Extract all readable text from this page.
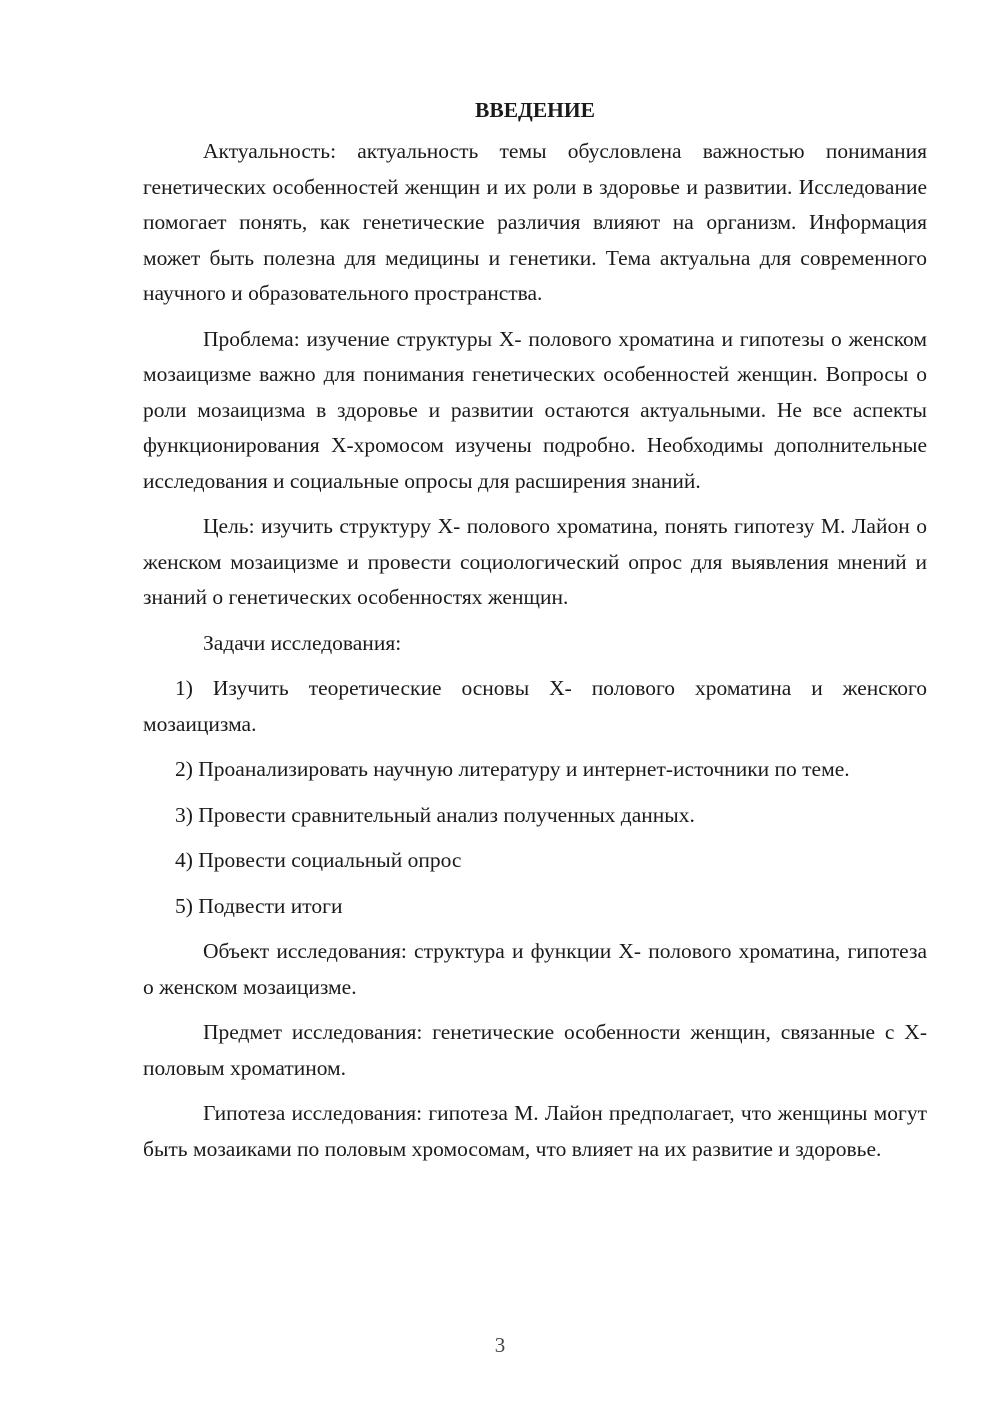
ВВЕДЕНИЕ

Актуальность: актуальность темы обусловлена важностью понимания генетических особенностей женщин и их роли в здоровье и развитии. Исследование помогает понять, как генетические различия влияют на организм. Информация может быть полезна для медицины и генетики. Тема актуальна для современного научного и образовательного пространства.

Проблема: изучение структуры Х- полового хроматина и гипотезы о женском мозаицизме важно для понимания генетических особенностей женщин. Вопросы о роли мозаицизма в здоровье и развитии остаются актуальными. Не все аспекты функционирования Х-хромосом изучены подробно. Необходимы дополнительные исследования и социальные опросы для расширения знаний.

Цель: изучить структуру Х- полового хроматина, понять гипотезу М. Лайон о женском мозаицизме и провести социологический опрос для выявления мнений и знаний о генетических особенностях женщин.

Задачи исследования:

1) Изучить теоретические основы Х- полового хроматина и женского мозаицизма.

2) Проанализировать научную литературу и интернет-источники по теме.

3) Провести сравнительный анализ полученных данных.

4) Провести социальный опрос

5) Подвести итоги

Объект исследования: структура и функции Х- полового хроматина, гипотеза о женском мозаицизме.

Предмет исследования: генетические особенности женщин, связанные с Х- половым хроматином.

Гипотеза исследования: гипотеза М. Лайон предполагает, что женщины могут быть мозаиками по половым хромосомам, что влияет на их развитие и здоровье.

3
